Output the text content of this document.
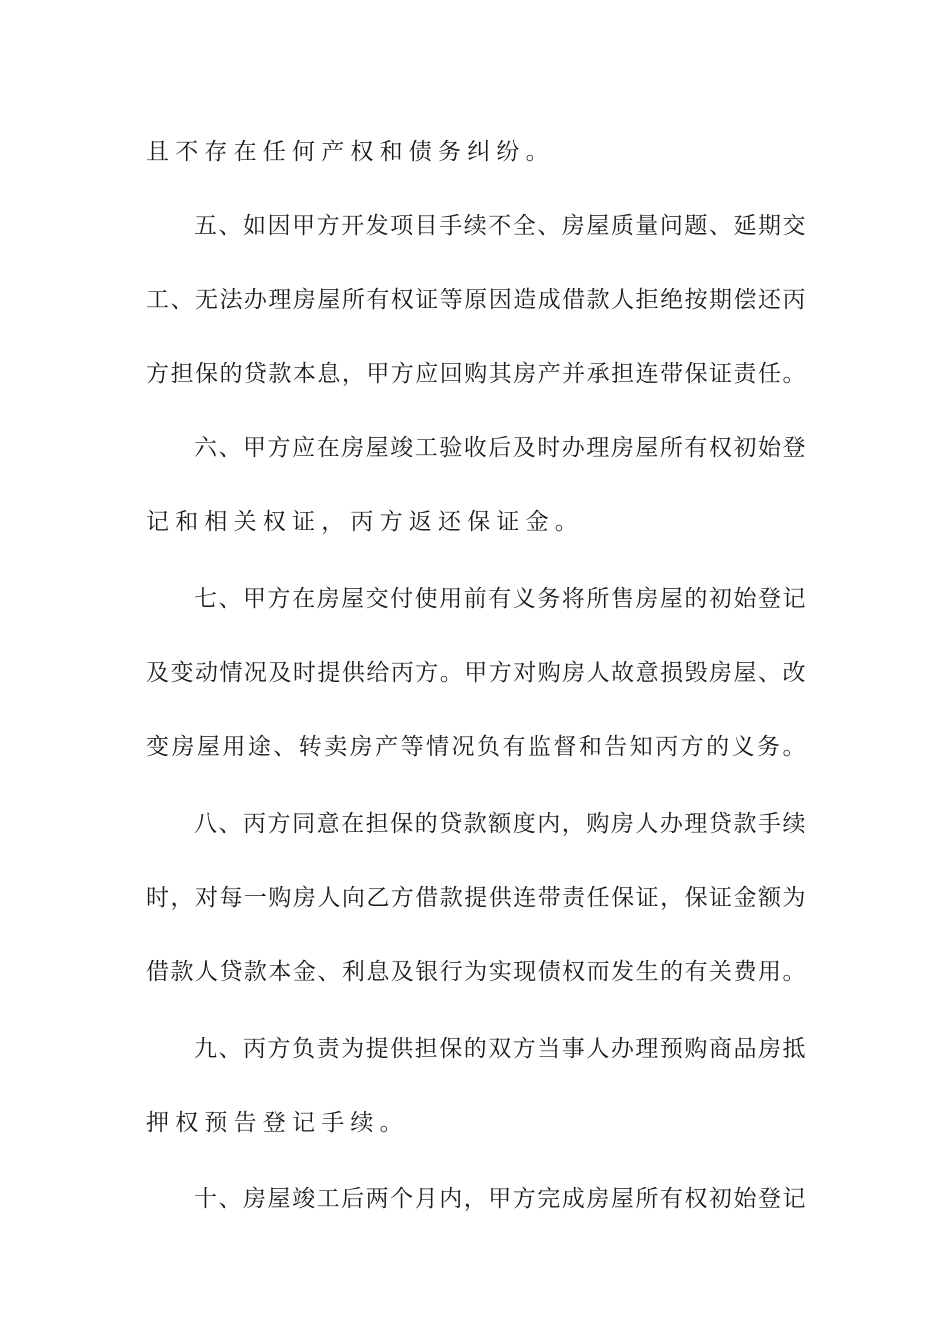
且不存在任何产权和债务纠纷。
五、如因甲方开发项目手续不全、房屋质量问题、延期交
工、无法办理房屋所有权证等原因造成借款人拒绝按期偿还丙
方担保的贷款本息，甲方应回购其房产并承担连带保证责任。
六、甲方应在房屋竣工验收后及时办理房屋所有权初始登
记和相关权证，丙方返还保证金。
七、甲方在房屋交付使用前有义务将所售房屋的初始登记
及变动情况及时提供给丙方。甲方对购房人故意损毁房屋、改
变房屋用途、转卖房产等情况负有监督和告知丙方的义务。
八、丙方同意在担保的贷款额度内，购房人办理贷款手续
时，对每一购房人向乙方借款提供连带责任保证，保证金额为
借款人贷款本金、利息及银行为实现债权而发生的有关费用。
九、丙方负责为提供担保的双方当事人办理预购商品房抵
押权预告登记手续。
十、房屋竣工后两个月内，甲方完成房屋所有权初始登记
